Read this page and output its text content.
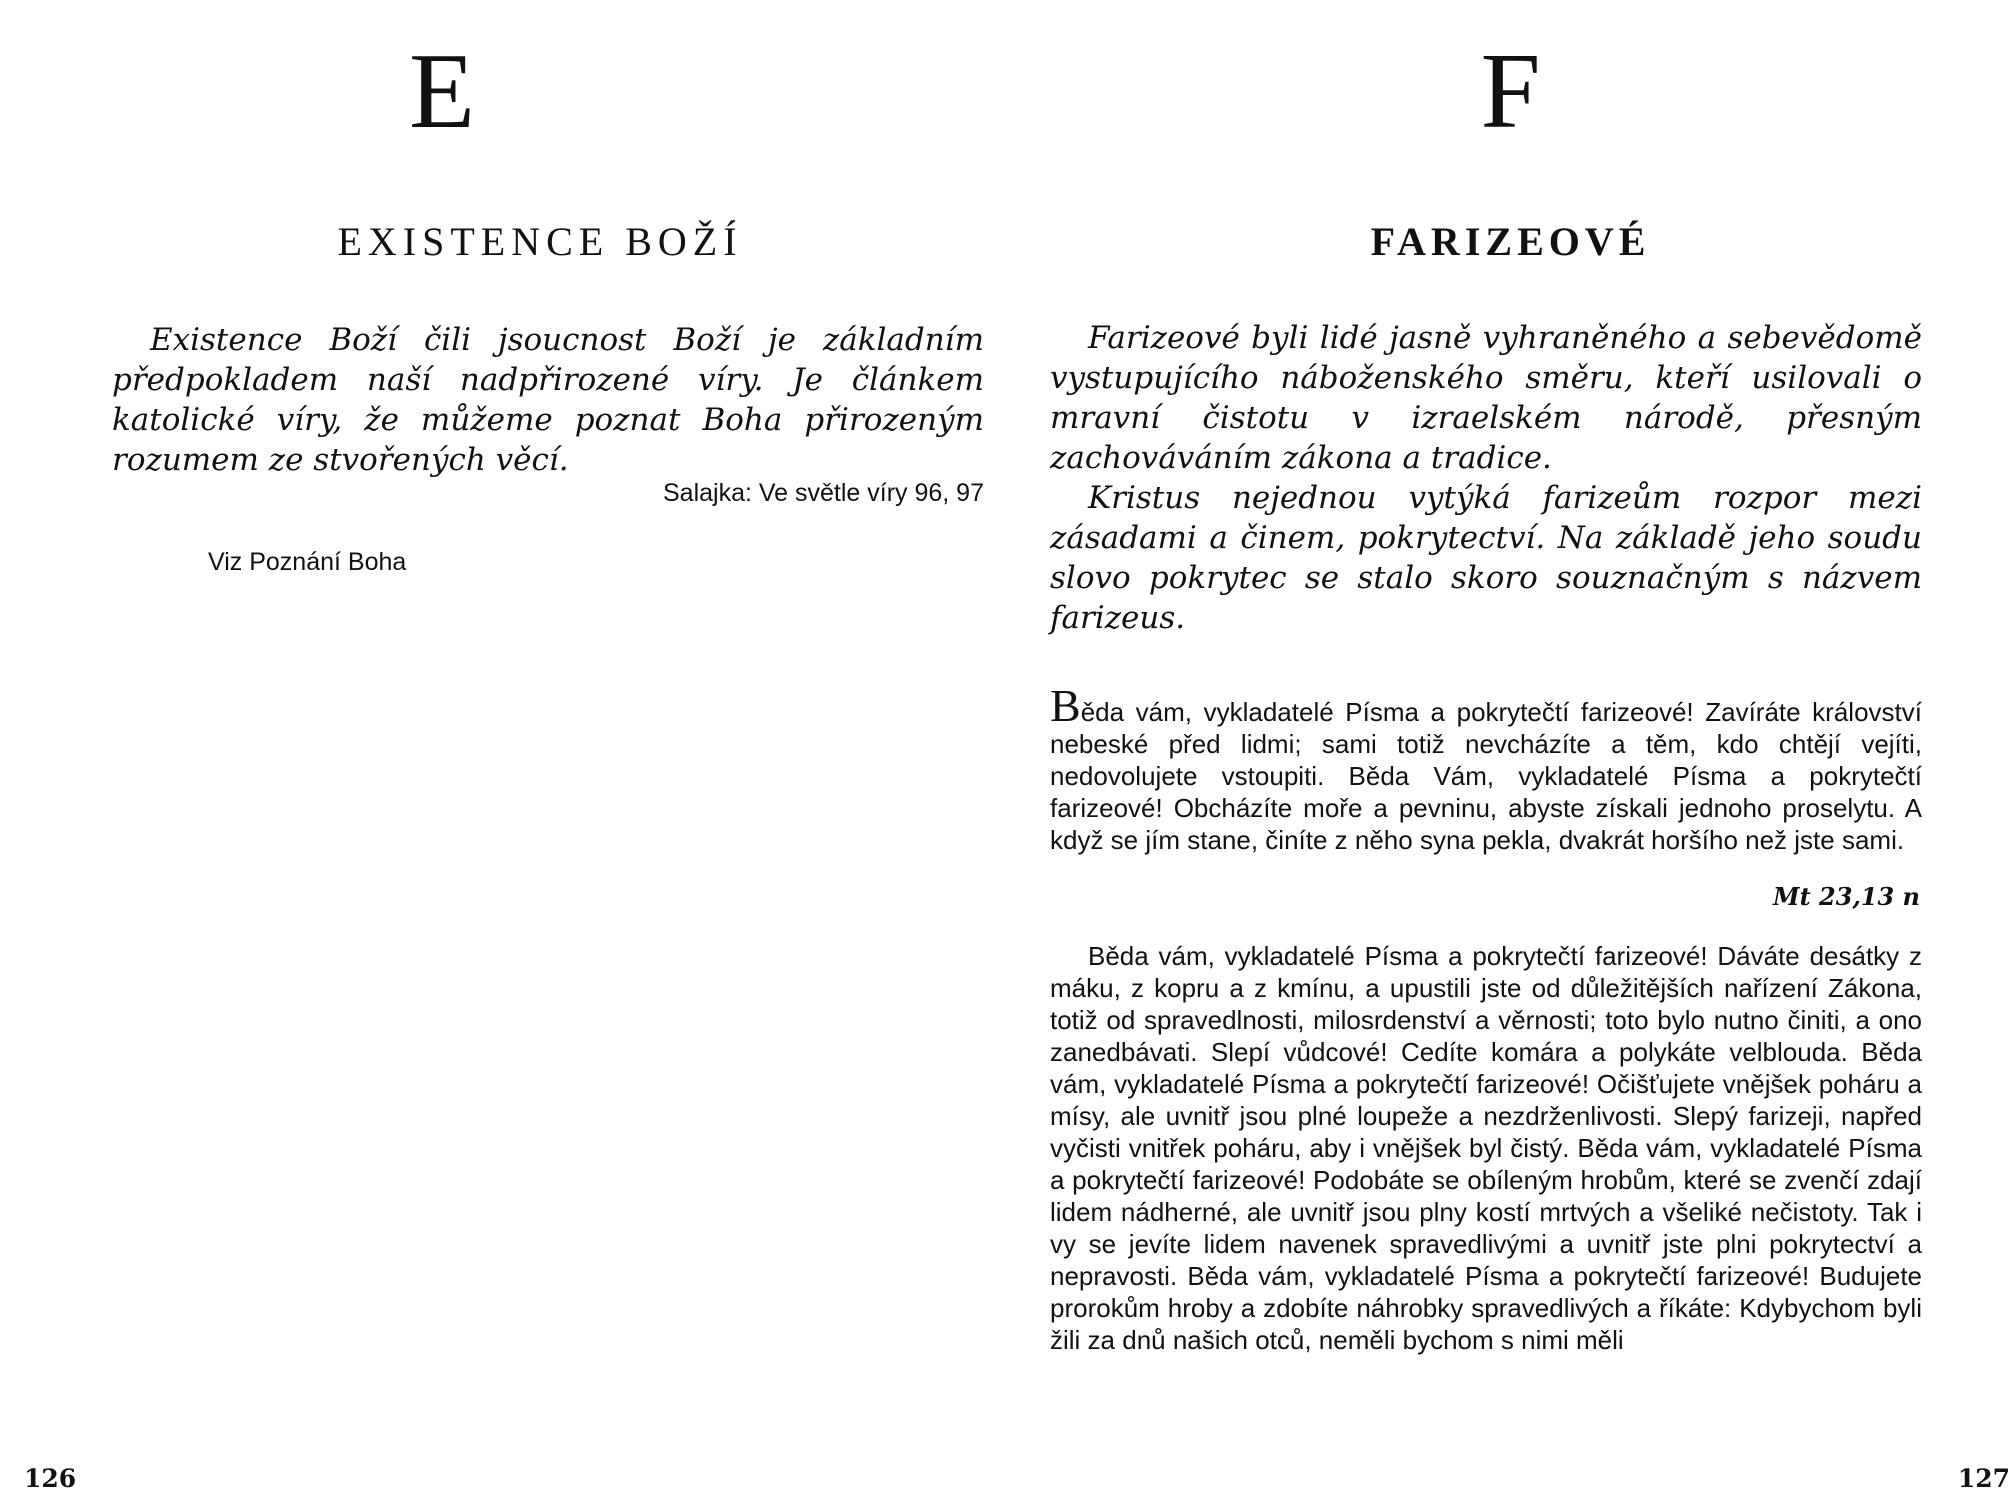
E
EXISTENCE BOŽÍ

Existence Boží čili jsoucnost Boží je základním předpokladem naší nadpřirozené víry. Je článkem katolické víry, že můžeme poznat Boha přirozeným rozumem ze stvořených věcí.

Salajka: Ve světle víry 96, 97
Viz Poznání Boha
126
F
FARIZEOVÉ

Farizeové byli lidé jasně vyhraněného a sebevědomě vystupujícího náboženského směru, kteří usilovali o mravní čistotu v izraelském národě, přesným zachováváním zákona a tradice.

Kristus nejednou vytýká farizeům rozpor mezi zásadami a činem, pokrytectví. Na základě jeho soudu slovo pokrytec se stalo skoro souznačným s názvem farizeus.

Běda vám, vykladatelé Písma a pokrytečtí farizeové! Zavíráte království nebeské před lidmi; sami totiž nevcházíte a těm, kdo chtějí vejíti, nedovolujete vstoupiti. Běda Vám, vykladatelé Písma a pokrytečtí farizeové! Obcházíte moře a pevninu, abyste získali jednoho proselytu. A když se jím stane, činíte z něho syna pekla, dvakrát horšího než jste sami.
Mt 23,13 n
Běda vám, vykladatelé Písma a pokrytečtí farizeové! Dáváte desátky z máku, z kopru a z kmínu, a upustili jste od důležitějších nařízení Zákona, totiž od spravedlnosti, milosrdenství a věrnosti; toto bylo nutno činiti, a ono zanedbávati. Slepí vůdcové! Cedíte komára a polykáte velblouda. Běda vám, vykladatelé Písma a pokrytečtí farizeové! Očišťujete vnějšek poháru a mísy, ale uvnitř jsou plné loupeže a nezdrženlivosti. Slepý farizeji, napřed vyčisti vnitřek poháru, aby i vnějšek byl čistý. Běda vám, vykladatelé Písma a pokrytečtí farizeové! Podobáte se obíleným hrobům, které se zvenčí zdají lidem nádherné, ale uvnitř jsou plny kostí mrtvých a všeliké nečistoty. Tak i vy se jevíte lidem navenek spravedlivými a uvnitř jste plni pokrytectví a nepravosti. Běda vám, vykladatelé Písma a pokrytečtí farizeové! Budujete prorokům hroby a zdobíte náhrobky spravedlivých a říkáte: Kdybychom byli žili za dnů našich otců, neměli bychom s nimi měli
127
